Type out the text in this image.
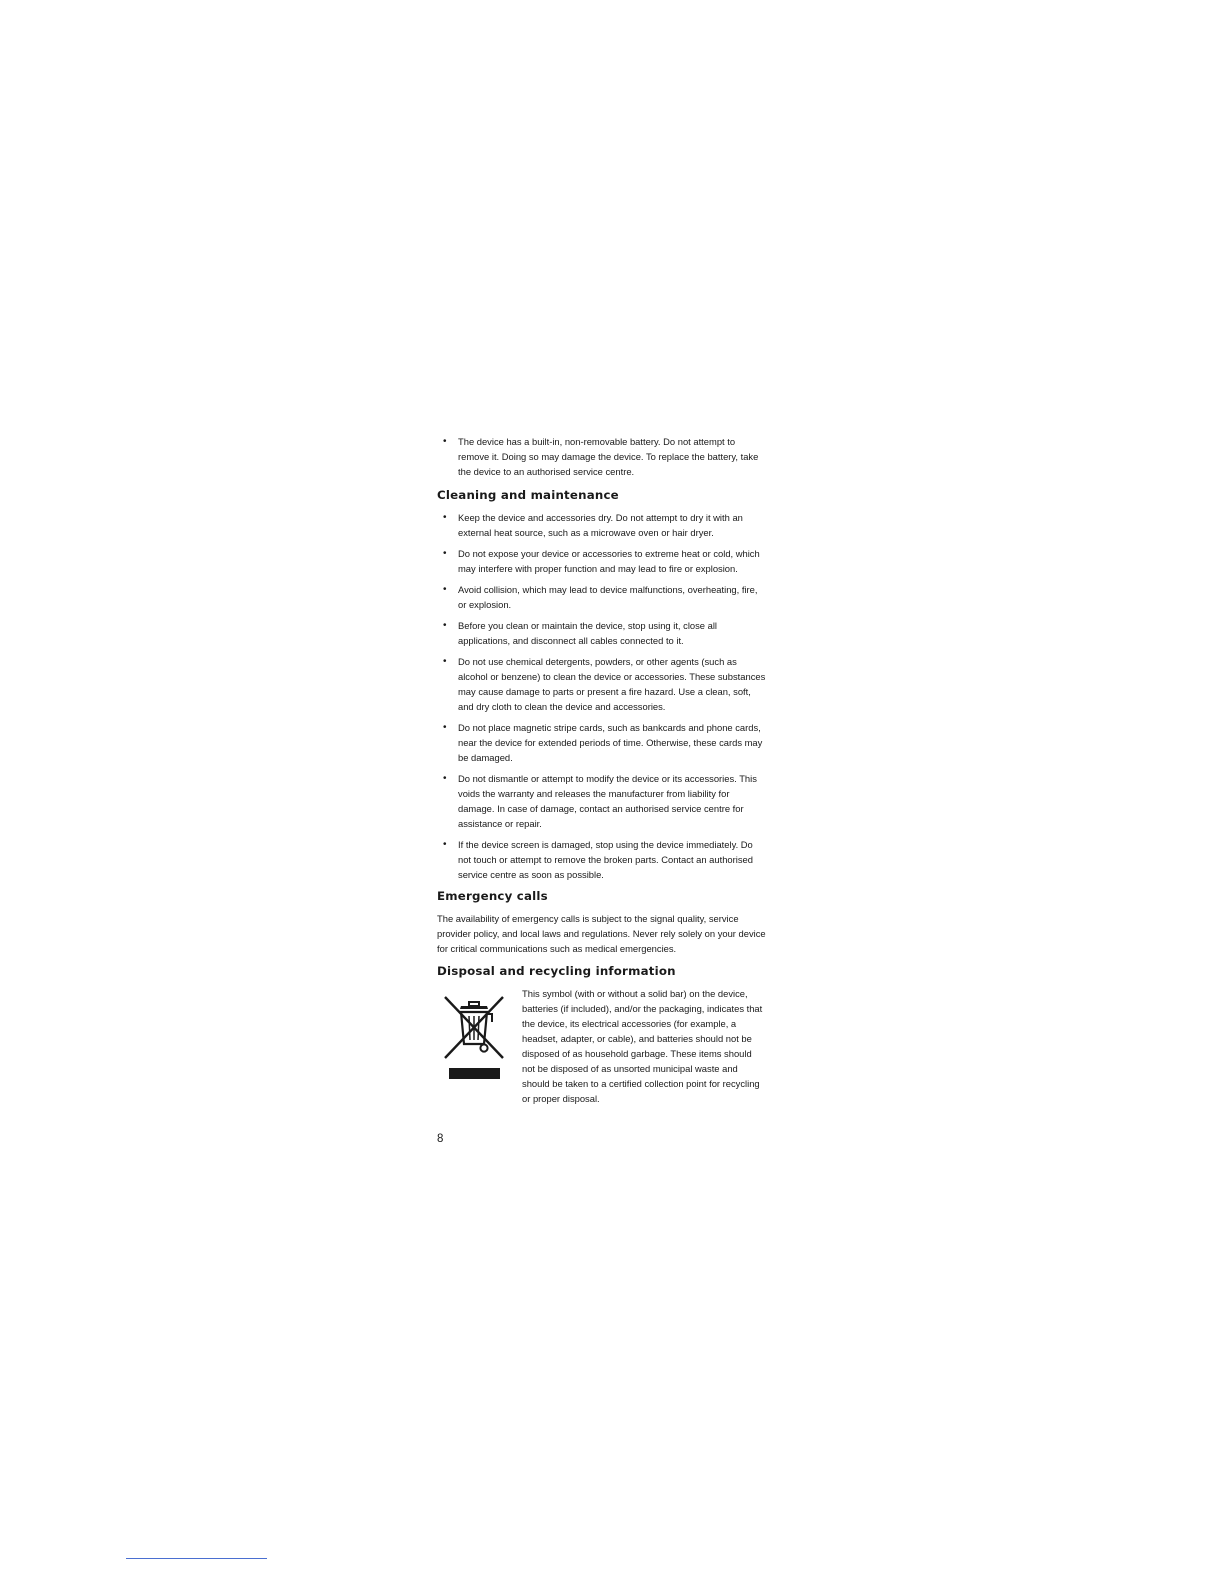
• The device has a built-in, non-removable battery. Do not attempt to remove it. Doing so may damage the device. To replace the battery, take the device to an authorised service centre.
Cleaning and maintenance
• Keep the device and accessories dry. Do not attempt to dry it with an external heat source, such as a microwave oven or hair dryer.
• Do not expose your device or accessories to extreme heat or cold, which may interfere with proper function and may lead to fire or explosion.
• Avoid collision, which may lead to device malfunctions, overheating, fire, or explosion.
• Before you clean or maintain the device, stop using it, close all applications, and disconnect all cables connected to it.
• Do not use chemical detergents, powders, or other agents (such as alcohol or benzene) to clean the device or accessories. These substances may cause damage to parts or present a fire hazard. Use a clean, soft, and dry cloth to clean the device and accessories.
• Do not place magnetic stripe cards, such as bankcards and phone cards, near the device for extended periods of time. Otherwise, these cards may be damaged.
• Do not dismantle or attempt to modify the device or its accessories. This voids the warranty and releases the manufacturer from liability for damage. In case of damage, contact an authorised service centre for assistance or repair.
• If the device screen is damaged, stop using the device immediately. Do not touch or attempt to remove the broken parts. Contact an authorised service centre as soon as possible.
Emergency calls

The availability of emergency calls is subject to the signal quality, service provider policy, and local laws and regulations. Never rely solely on your device for critical communications such as medical emergencies.

Disposal and recycling information

This symbol (with or without a solid bar) on the device, batteries (if included), and/or the packaging, indicates that the device, its electrical accessories (for example, a headset, adapter, or cable), and batteries should not be disposed of as household garbage. These items should not be disposed of as unsorted municipal waste and should be taken to a certified collection point for recycling or proper disposal.

8
